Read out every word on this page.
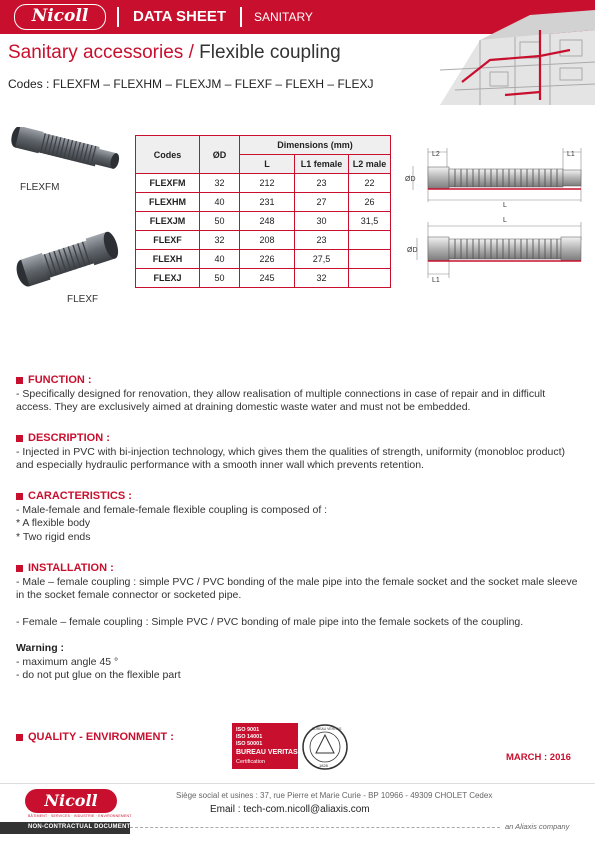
Nicoll	DATA SHEET SANITARY
Sanitary accessories / Flexible coupling
Codes : FLEXFM – FLEXHM – FLEXJM – FLEXF – FLEXH – FLEXJ
FLEXFM
FLEXF
Codes	ØD	Dimensions (mm)		
		L	L1 female	L2 male
FLEXFM	32	212	23	22
FLEXHM	40	231	27	26
FLEXJM	50	248	30	31,5
FLEXF	32	208	23	
FLEXH	40	226	27,5	
FLEXJ	50	245	32	
L2	L1
ØD
L
L
ØD
L1
FUNCTION :

- Specifically designed for renovation, they allow realisation of multiple connections in case of repair and in difficult access. They are exclusively aimed at draining domestic waste water and must not be embedded.

DESCRIPTION :

- Injected in PVC with bi-injection technology, which gives them the qualities of strength, uniformity (monobloc product) and especially hydraulic performance with a smooth inner wall which prevents retention.

CARACTERISTICS :

- Male-female and female-female flexible coupling is composed of :

* A flexible body

* Two rigid ends

INSTALLATION :

- Male – female coupling : simple PVC / PVC bonding of the male pipe into the female socket and the socket male sleeve in the socket female connector or socketed pipe.

- Female – female coupling : Simple PVC / PVC bonding of male pipe into the female sockets of the coupling.

Warning :

- maximum angle 45 °

- do not put glue on the flexible part

QUALITY - ENVIRONMENT :
ISO 9001
ISO 14001
ISO 50001
BUREAU VERITAS
Certification
BUREAU VERITAS
1828
MARCH : 2016
Nicoll
BÂTIMENT · SERVICES · INDUSTRIE · ENVIRONNEMENT
Siège social et usines : 37, rue Pierre et Marie Curie - BP 10966 - 49309 CHOLET Cedex
Email : tech-com.nicoll@aliaxis.com
NON-CONTRACTUAL DOCUMENT	an Aliaxis company
